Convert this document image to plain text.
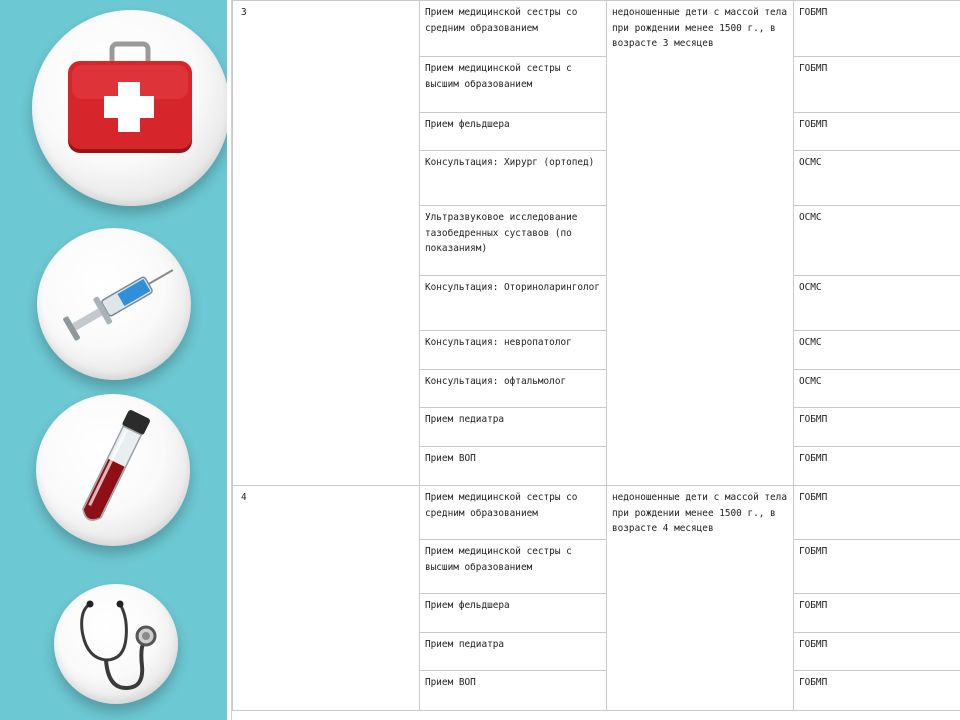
3	Прием медицинской сестры со средним образованием	недоношенные дети с массой тела при рождении менее 1500 г., в возрасте 3 месяцев	ГОБМП
	Прием медицинской сестры с высшим образованием		ГОБМП
	Прием фельдшера		ГОБМП
	Консультация: Хирург (ортопед)		ОСМС
	Ультразвуковое исследование тазобедренных суставов (по показаниям)		ОСМС
	Консультация: Оториноларинголог		ОСМС
	Консультация: невропатолог		ОСМС
	Консультация: офтальмолог		ОСМС
	Прием педиатра		ГОБМП
	Прием ВОП		ГОБМП
4	Прием медицинской сестры со средним образованием	недоношенные дети с массой тела при рождении менее 1500 г., в возрасте 4 месяцев	ГОБМП
	Прием медицинской сестры с высшим образованием		ГОБМП
	Прием фельдшера		ГОБМП
	Прием педиатра		ГОБМП
	Прием ВОП		ГОБМП
